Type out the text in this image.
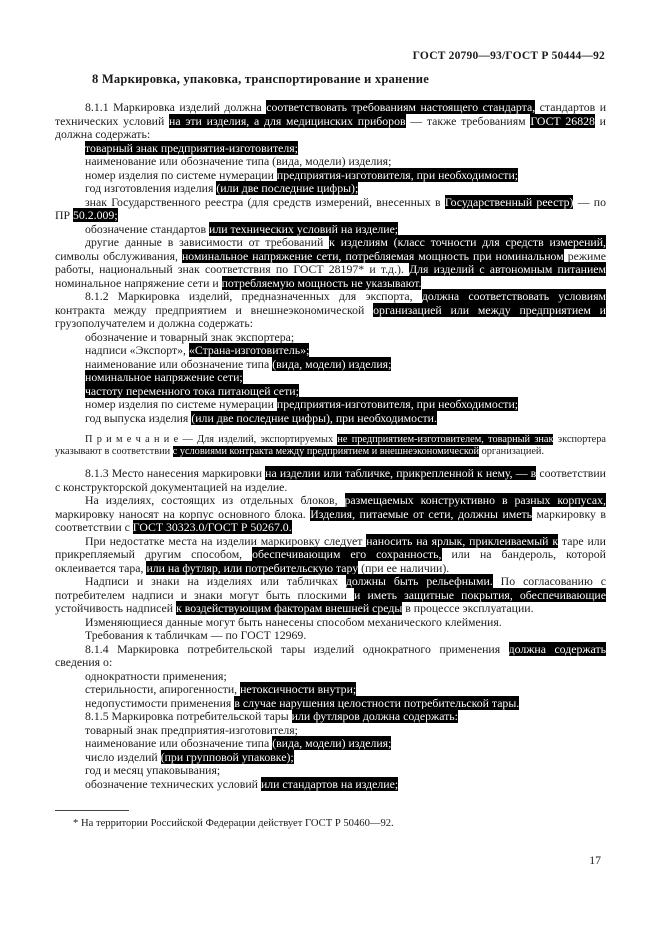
ГОСТ 20790—93/ГОСТ Р 50444—92
8 Маркировка, упаковка, транспортирование и хранение

8.1.1 Маркировка изделий должна соответствовать требованиям настоящего стандарта, стандартов и технических условий на эти изделия, а для медицинских приборов — также требованиям ГОСТ 26828 и должна содержать:

товарный знак предприятия-изготовителя;

наименование или обозначение типа (вида, модели) изделия;

номер изделия по системе нумерации предприятия-изготовителя, при необходимости;

год изготовления изделия (или две последние цифры);

знак Государственного реестра (для средств измерений, внесенных в Государственный реестр) — по ПР 50.2.009;

обозначение стандартов или технических условий на изделие;

другие данные в зависимости от требований к изделиям (класс точности для средств измерений, символы обслуживания, номинальное напряжение сети, потребляемая мощность при номинальном режиме работы, национальный знак соответствия по ГОСТ 28197* и т.д.). Для изделий с автономным питанием номинальное напряжение сети и потребляемую мощность не указывают.

8.1.2 Маркировка изделий, предназначенных для экспорта, должна соответствовать условиям контракта между предприятием и внешнеэкономической организацией или между предприятием и грузополучателем и должна содержать:

обозначение и товарный знак экспортера;

надписи «Экспорт», «Страна-изготовитель»;

наименование или обозначение типа (вида, модели) изделия;

номинальное напряжение сети;

частоту переменного тока питающей сети;

номер изделия по системе нумерации предприятия-изготовителя, при необходимости;

год выпуска изделия (или две последние цифры), при необходимости.

П р и м е ч а н и е — Для изделий, экспортируемых не предприятием-изготовителем, товарный знак экспортера указывают в соответствии с условиями контракта между предприятием и внешнеэкономической организацией.

8.1.3 Место нанесения маркировки на изделии или табличке, прикрепленной к нему, — в соответствии с конструкторской документацией на изделие.

На изделиях, состоящих из отдельных блоков, размещаемых конструктивно в разных корпусах, маркировку наносят на корпус основного блока. Изделия, питаемые от сети, должны иметь маркировку в соответствии с ГОСТ 30323.0/ГОСТ Р 50267.0.

При недостатке места на изделии маркировку следует наносить на ярлык, приклеиваемый к таре или прикрепляемый другим способом, обеспечивающим его сохранность, или на бандероль, которой оклеивается тара, или на футляр, или потребительскую тару (при ее наличии).

Надписи и знаки на изделиях или табличках должны быть рельефными. По согласованию с потребителем надписи и знаки могут быть плоскими и иметь защитные покрытия, обеспечивающие устойчивость надписей к воздействующим факторам внешней среды в процессе эксплуатации.

Изменяющиеся данные могут быть нанесены способом механического клеймения.

Требования к табличкам — по ГОСТ 12969.

8.1.4 Маркировка потребительской тары изделий однократного применения должна содержать сведения о:

однократности применения;

стерильности, апирогенности, нетоксичности внутри;

недопустимости применения в случае нарушения целостности потребительской тары.

8.1.5 Маркировка потребительской тары или футляров должна содержать:

товарный знак предприятия-изготовителя;

наименование или обозначение типа (вида, модели) изделия;

число изделий (при групповой упаковке);

год и месяц упаковывания;

обозначение технических условий или стандартов на изделие;

* На территории Российской Федерации действует ГОСТ Р 50460—92.
17
